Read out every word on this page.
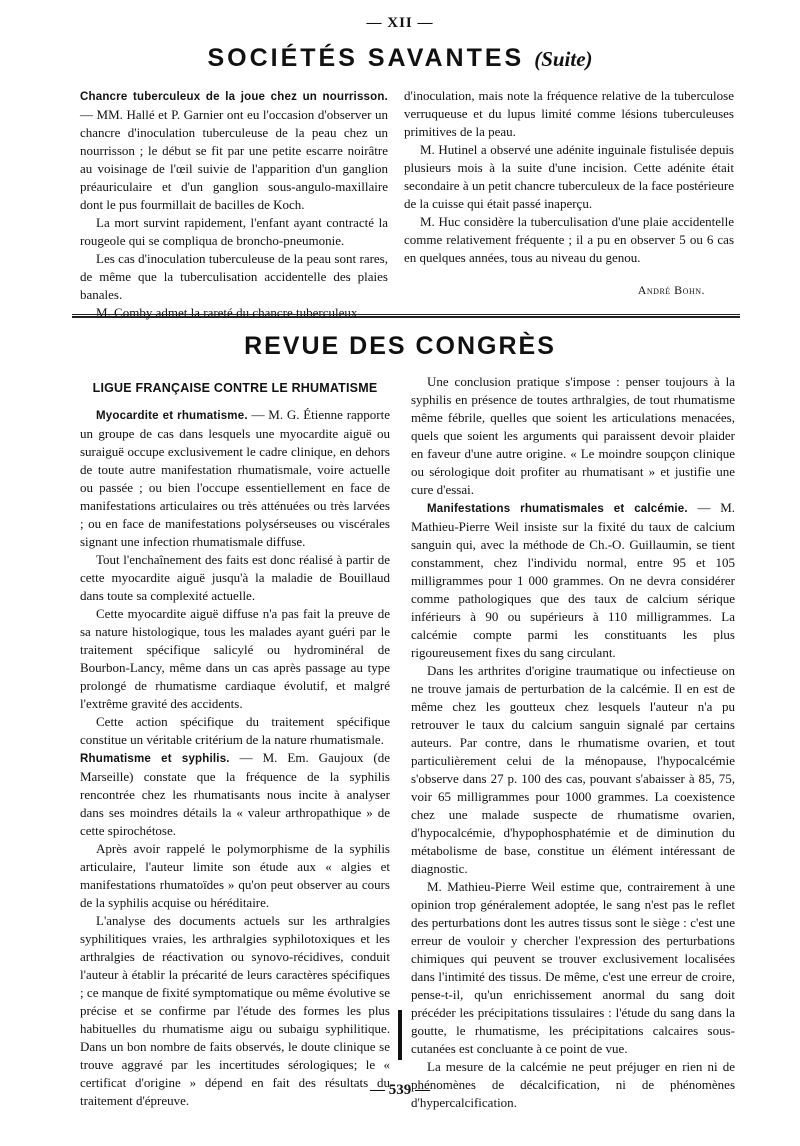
— XII —
SOCIÉTÉS SAVANTES (Suite)

Chancre tuberculeux de la joue chez un nourrisson. — MM. Hallé et P. Garnier ont eu l'occasion d'observer un chancre d'inoculation tuberculeuse de la peau chez un nourrisson ; le début se fit par une petite escarre noirâtre au voisinage de l'œil suivie de l'apparition d'un ganglion préauriculaire et d'un ganglion sous-angulo-maxillaire dont le pus fourmillait de bacilles de Koch.

La mort survint rapidement, l'enfant ayant contracté la rougeole qui se compliqua de broncho-pneumonie.

Les cas d'inoculation tuberculeuse de la peau sont rares, de même que la tuberculisation accidentelle des plaies banales.

M. Comby admet la rareté du chancre tuberculeux

d'inoculation, mais note la fréquence relative de la tuberculose verruqueuse et du lupus limité comme lésions tuberculeuses primitives de la peau.

M. Hutinel a observé une adénite inguinale fistulisée depuis plusieurs mois à la suite d'une incision. Cette adénite était secondaire à un petit chancre tuberculeux de la face postérieure de la cuisse qui était passé inaperçu.

M. Huc considère la tuberculisation d'une plaie accidentelle comme relativement fréquente ; il a pu en observer 5 ou 6 cas en quelques années, tous au niveau du genou.

André Bohn.
REVUE DES CONGRÈS
LIGUE FRANÇAISE CONTRE LE RHUMATISME

Myocardite et rhumatisme. — M. G. Étienne rapporte un groupe de cas dans lesquels une myocardite aiguë ou suraiguë occupe exclusivement le cadre clinique, en dehors de toute autre manifestation rhumatismale, voire actuelle ou passée ; ou bien l'occupe essentiellement en face de manifestations articulaires ou très atténuées ou très larvées ; ou en face de manifestations polysérseuses ou viscérales signant une infection rhumatismale diffuse.

Tout l'enchaînement des faits est donc réalisé à partir de cette myocardite aiguë jusqu'à la maladie de Bouillaud dans toute sa complexité actuelle.

Cette myocardite aiguë diffuse n'a pas fait la preuve de sa nature histologique, tous les malades ayant guéri par le traitement spécifique salicylé ou hydrominéral de Bourbon-Lancy, même dans un cas après passage au type prolongé de rhumatisme cardiaque évolutif, et malgré l'extrême gravité des accidents.

Cette action spécifique du traitement spécifique constitue un véritable critérium de la nature rhumatismale.

Rhumatisme et syphilis. — M. Em. Gaujoux (de Marseille) constate que la fréquence de la syphilis rencontrée chez les rhumatisants nous incite à analyser dans ses moindres détails la « valeur arthropathique » de cette spirochétose.

Après avoir rappelé le polymorphisme de la syphilis articulaire, l'auteur limite son étude aux « algies et manifestations rhumatoïdes » qu'on peut observer au cours de la syphilis acquise ou héréditaire.

L'analyse des documents actuels sur les arthralgies syphilitiques vraies, les arthralgies syphilotoxiques et les arthralgies de réactivation ou synovo-récidives, conduit l'auteur à établir la précarité de leurs caractères spécifiques ; ce manque de fixité symptomatique ou même évolutive se précise et se confirme par l'étude des formes les plus habituelles du rhumatisme aigu ou subaigu syphilitique. Dans un bon nombre de faits observés, le doute clinique se trouve aggravé par les incertitudes sérologiques; le « certificat d'origine » dépend en fait des résultats du traitement d'épreuve.

Une conclusion pratique s'impose : penser toujours à la syphilis en présence de toutes arthralgies, de tout rhumatisme même fébrile, quelles que soient les articulations menacées, quels que soient les arguments qui paraissent devoir plaider en faveur d'une autre origine. « Le moindre soupçon clinique ou sérologique doit profiter au rhumatisant » et justifie une cure d'essai.

Manifestations rhumatismales et calcémie. — M. Mathieu-Pierre Weil insiste sur la fixité du taux de calcium sanguin qui, avec la méthode de Ch.-O. Guillaumin, se tient constamment, chez l'individu normal, entre 95 et 105 milligrammes pour 1 000 grammes. On ne devra considérer comme pathologiques que des taux de calcium sérique inférieurs à 90 ou supérieurs à 110 milligrammes. La calcémie compte parmi les constituants les plus rigoureusement fixes du sang circulant.

Dans les arthrites d'origine traumatique ou infectieuse on ne trouve jamais de perturbation de la calcémie. Il en est de même chez les goutteux chez lesquels l'auteur n'a pu retrouver le taux du calcium sanguin signalé par certains auteurs. Par contre, dans le rhumatisme ovarien, et tout particulièrement celui de la ménopause, l'hypocalcémie s'observe dans 27 p. 100 des cas, pouvant s'abaisser à 85, 75, voir 65 milligrammes pour 1000 grammes. La coexistence chez une malade suspecte de rhumatisme ovarien, d'hypocalcémie, d'hypophosphatémie et de diminution du métabolisme de base, constitue un élément intéressant de diagnostic.

M. Mathieu-Pierre Weil estime que, contrairement à une opinion trop généralement adoptée, le sang n'est pas le reflet des perturbations dont les autres tissus sont le siège : c'est une erreur de vouloir y chercher l'expression des perturbations chimiques qui peuvent se trouver exclusivement localisées dans l'intimité des tissus. De même, c'est une erreur de croire, pense-t-il, qu'un enrichissement anormal du sang doit précéder les précipitations tissulaires : l'étude du sang dans la goutte, le rhumatisme, les précipitations calcaires sous-cutanées est concluante à ce point de vue.

La mesure de la calcémie ne peut préjuger en rien ni de phénomènes de décalcification, ni de phénomènes d'hypercalcification.

— 539 —
